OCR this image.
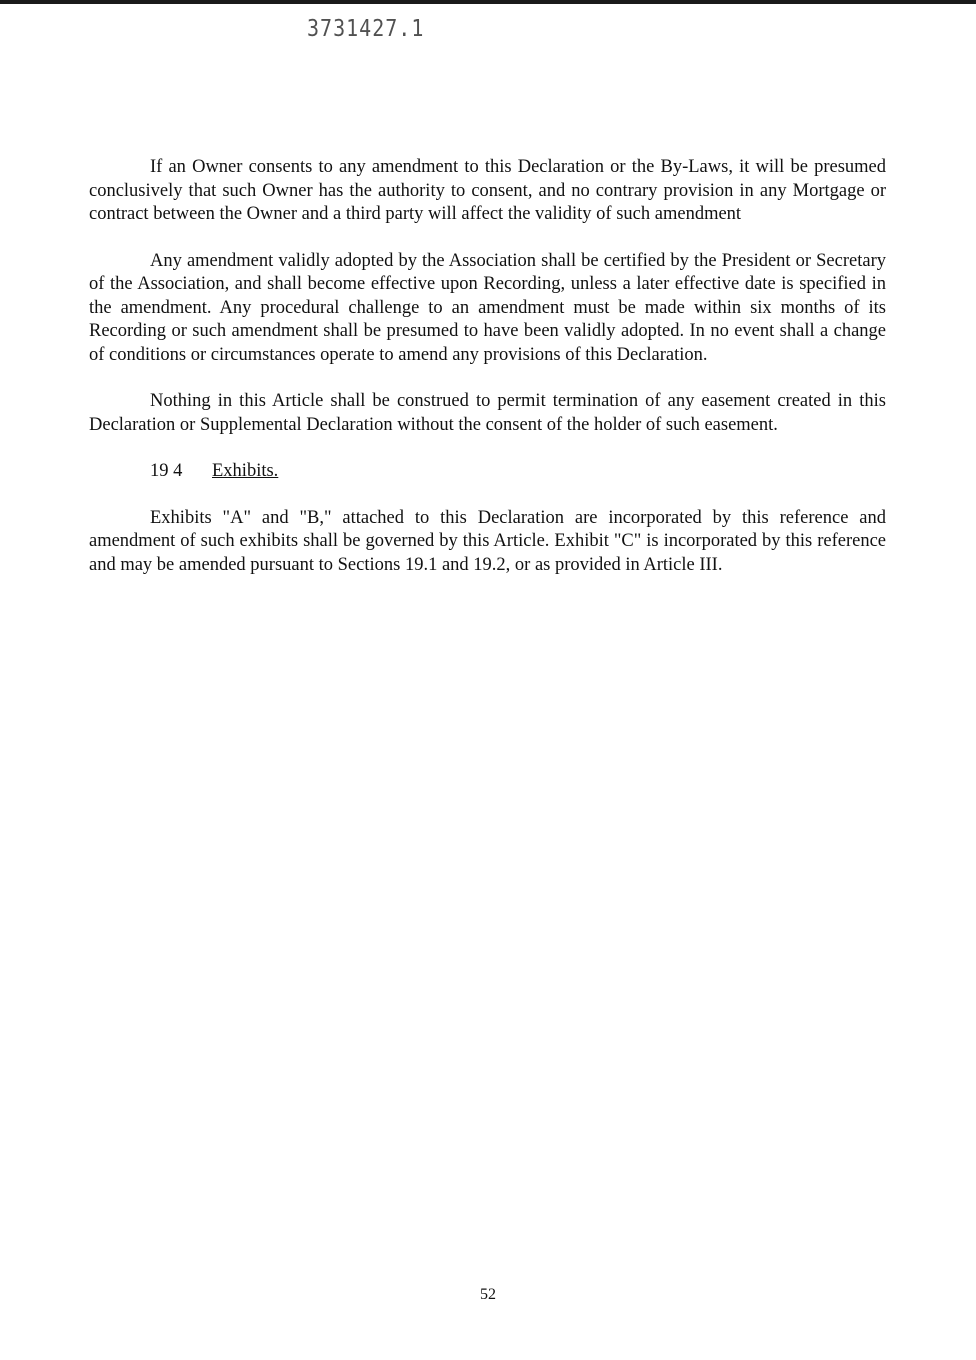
3731427.1

If an Owner consents to any amendment to this Declaration or the By-Laws, it will be presumed conclusively that such Owner has the authority to consent, and no contrary provision in any Mortgage or contract between the Owner and a third party will affect the validity of such amendment

Any amendment validly adopted by the Association shall be certified by the President or Secretary of the Association, and shall become effective upon Recording, unless a later effective date is specified in the amendment. Any procedural challenge to an amendment must be made within six months of its Recording or such amendment shall be presumed to have been validly adopted. In no event shall a change of conditions or circumstances operate to amend any provisions of this Declaration.

Nothing in this Article shall be construed to permit termination of any easement created in this Declaration or Supplemental Declaration without the consent of the holder of such easement.

19 4 Exhibits.

Exhibits "A" and "B," attached to this Declaration are incorporated by this reference and amendment of such exhibits shall be governed by this Article. Exhibit "C" is incorporated by this reference and may be amended pursuant to Sections 19.1 and 19.2, or as provided in Article III.

52
